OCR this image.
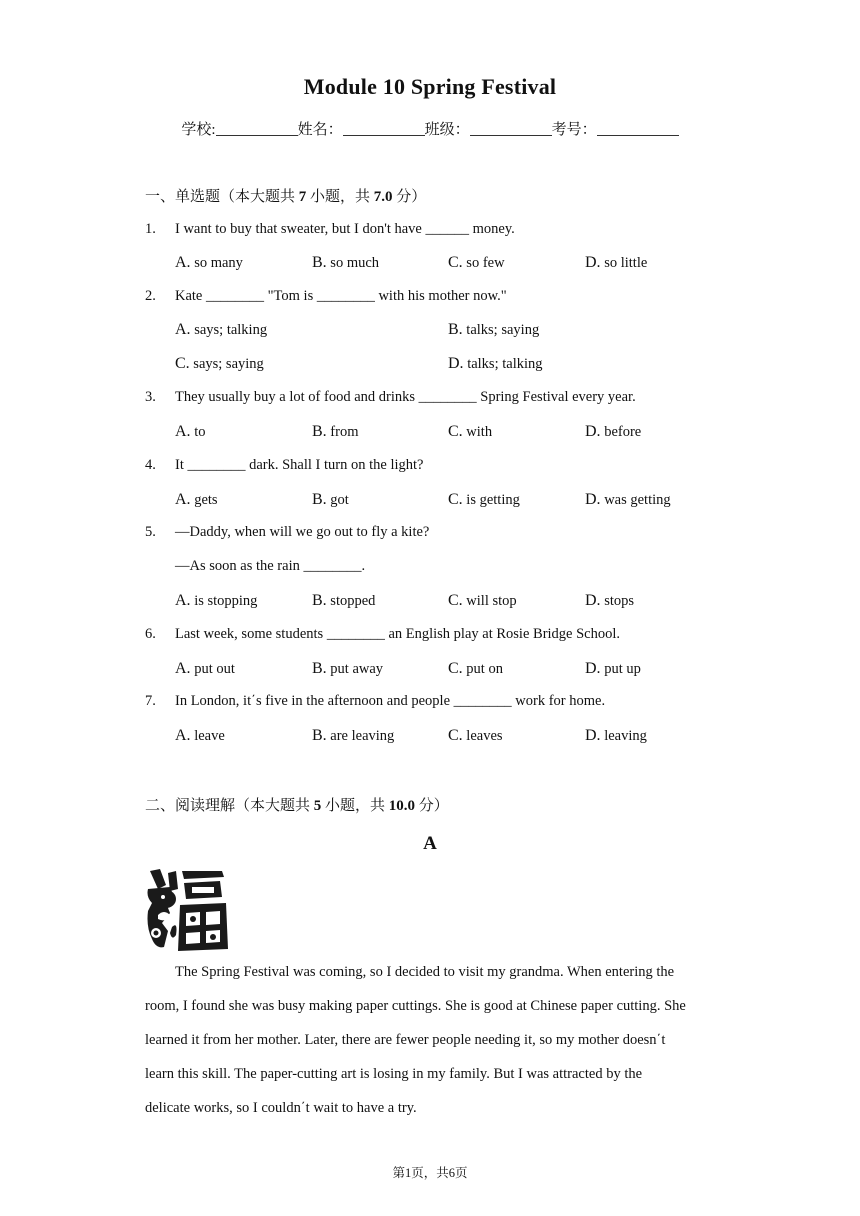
Module 10 Spring Festival
学校:	姓名：	班级：	考号：
一、单选题（本大题共 7 小题，共 7.0 分）
1. I want to buy that sweater, but I don't have ______ money.
A. so many	B. so much	C. so few	D. so little
2. Kate ________ "Tom is ________ with his mother now."
A. says; talking	B. talks; saying
C. says; saying	D. talks; talking
3. They usually buy a lot of food and drinks ________ Spring Festival every year.
A. to	B. from	C. with	D. before
4. It ________ dark. Shall I turn on the light?
A. gets	B. got	C. is getting	D. was getting
5. —Daddy, when will we go out to fly a kite?
—As soon as the rain ________.
A. is stopping	B. stopped	C. will stop	D. stops
6. Last week, some students ________ an English play at Rosie Bridge School.
A. put out	B. put away	C. put on	D. put up
7. In London, it΄s five in the afternoon and people ________ work for home.
A. leave	B. are leaving	C. leaves	D. leaving
二、阅读理解（本大题共 5 小题，共 10.0 分）
A
The Spring Festival was coming, so I decided to visit my grandma. When entering the
room, I found she was busy making paper cuttings. She is good at Chinese paper cutting. She
learned it from her mother. Later, there are fewer people needing it, so my mother doesn΄t
learn this skill. The paper-cutting art is losing in my family. But I was attracted by the
delicate works, so I couldn΄t wait to have a try.
第1页，共6页
